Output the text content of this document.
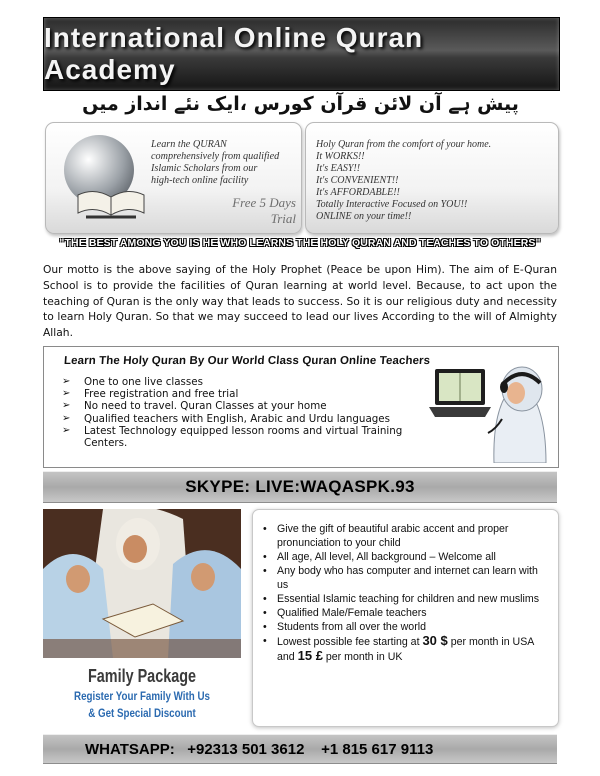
International Online Quran Academy
پیش ہے آن لائن قرآن کورس ،ایک نئے انداز میں
Learn the QURAN
comprehensively from qualified
Islamic Scholars from our
high-tech online facility
Free 5 Days
Trial
Holy Quran from the comfort of your home.
It WORKS!!
It's EASY!!
It's CONVENIENT!!
It's AFFORDABLE!!
Totally Interactive Focused on YOU!!
ONLINE on your time!!
"THE BEST AMONG YOU IS HE WHO LEARNS THE HOLY QURAN AND TEACHES TO OTHERS"
Our motto is the above saying of the Holy Prophet (Peace be upon Him). The aim of E-Quran School is to provide the facilities of Quran learning at world level. Because, to act upon the teaching of Quran is the only way that leads to success. So it is our religious duty and necessity to learn Holy Quran. So that we may succeed to lead our lives According to the will of Almighty Allah.
Learn The Holy Quran By Our World Class Quran Online Teachers
➢ One to one live classes
➢ Free registration and free trial
➢ No need to travel. Quran Classes at your home
➢ Qualified teachers with English, Arabic and Urdu languages
➢ Latest Technology equipped lesson rooms and virtual Training Centers.
SKYPE: LIVE:WAQASPK.93
Family Package
Register Your Family With Us
& Get Special Discount
• Give the gift of beautiful arabic accent and proper pronunciation to your child
• All age, All level, All background – Welcome all
• Any body who has computer and internet can learn with us
• Essential Islamic teaching for children and new muslims
• Qualified Male/Female teachers
• Students from all over the world
• Lowest possible fee starting at 30 $ per month in USA and 15 £ per month in UK
WHATSAPP:   +92313 501 3612    +1 815 617 9113
